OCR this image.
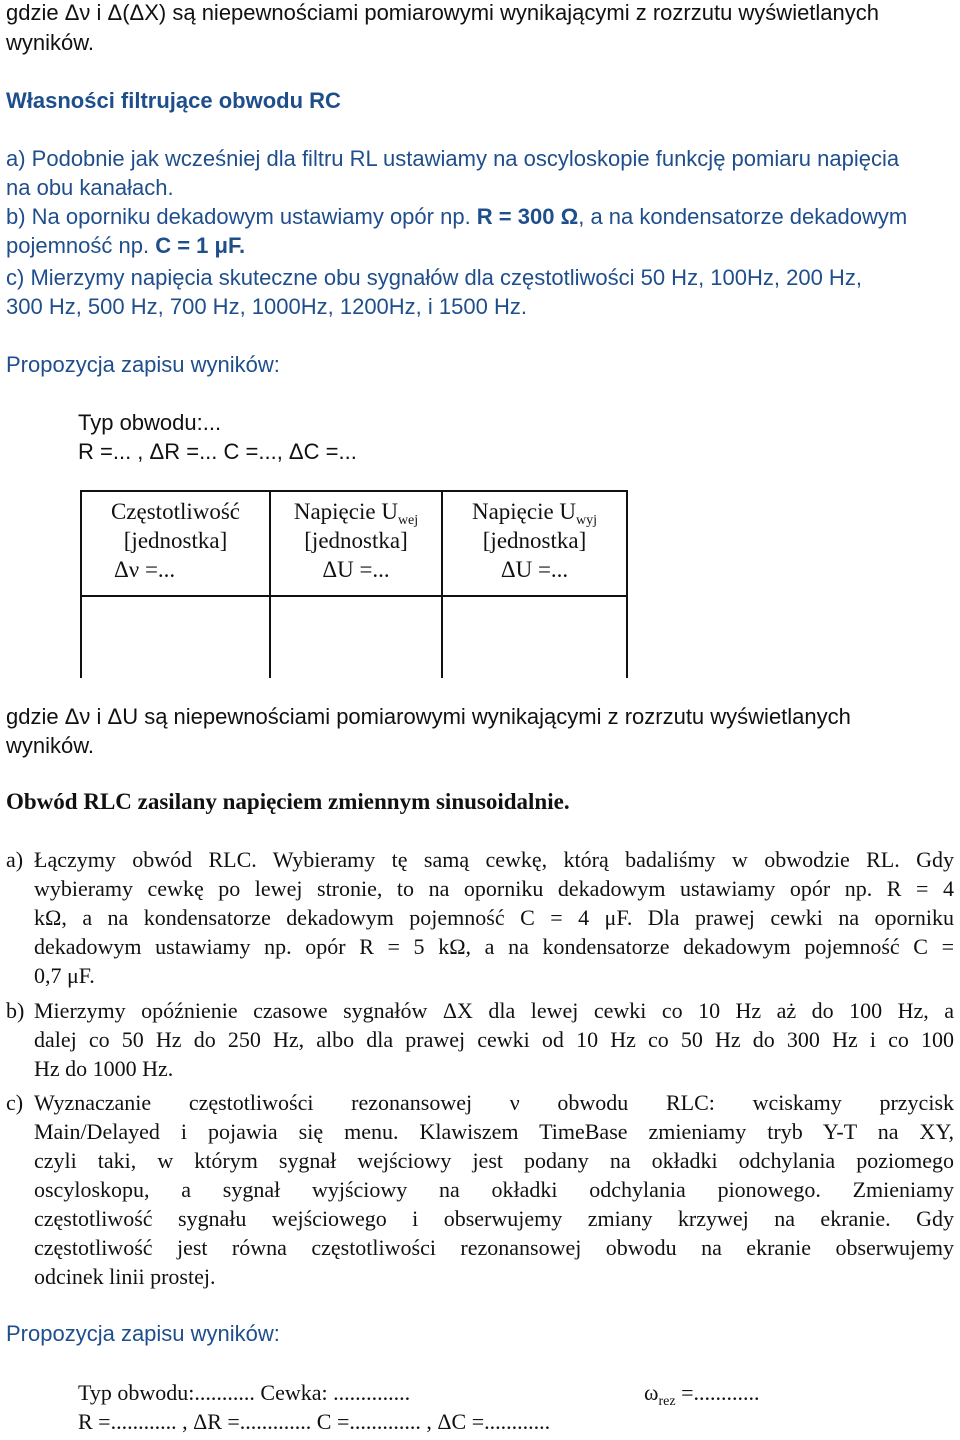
gdzie Δν i Δ(ΔX) są niepewnościami pomiarowymi wynikającymi z rozrzutu wyświetlanych
wyników.
Własności filtrujące obwodu RC
a) Podobnie jak wcześniej dla filtru RL ustawiamy na oscyloskopie funkcję pomiaru napięcia
na obu kanałach.
b) Na oporniku dekadowym ustawiamy opór np. R = 300 Ω, a na kondensatorze dekadowym
pojemność np. C = 1 μF.
c) Mierzymy napięcia skuteczne obu sygnałów dla częstotliwości 50 Hz, 100Hz, 200 Hz,
300 Hz, 500 Hz, 700 Hz, 1000Hz, 1200Hz, i 1500 Hz.
Propozycja zapisu wyników:
Typ obwodu:...
R =... , ΔR =... C =..., ΔC =...
Częstotliwość
[jednostka]
Δν =...
Napięcie $U_{wej}$
[jednostka]
ΔU =...
Napięcie $U_{wyj}$
[jednostka]
ΔU =...
gdzie Δν i ΔU są niepewnościami pomiarowymi wynikającymi z rozrzutu wyświetlanych
wyników.
Obwód RLC zasilany napięciem zmiennym sinusoidalnie.
a) Łączymy obwód RLC. Wybieramy tę samą cewkę, którą badaliśmy w obwodzie RL. Gdy
wybieramy cewkę po lewej stronie, to na oporniku dekadowym ustawiamy opór np. R = 4
kΩ, a na kondensatorze dekadowym pojemność C = 4 μF. Dla prawej cewki na oporniku
dekadowym ustawiamy np. opór R = 5 kΩ, a na kondensatorze dekadowym pojemność C =
0,7 μF.
b) Mierzymy opóźnienie czasowe sygnałów ΔX dla lewej cewki co 10 Hz aż do 100 Hz, a
dalej co 50 Hz do 250 Hz, albo dla prawej cewki od 10 Hz co 50 Hz do 300 Hz i co 100
Hz do 1000 Hz.
c) Wyznaczanie częstotliwości rezonansowej ν obwodu RLC: wciskamy przycisk
Main/Delayed i pojawia się menu. Klawiszem TimeBase zmieniamy tryb Y-T na XY,
czyli taki, w którym sygnał wejściowy jest podany na okładki odchylania poziomego
oscyloskopu, a sygnał wyjściowy na okładki odchylania pionowego. Zmieniamy
częstotliwość sygnału wejściowego i obserwujemy zmiany krzywej na ekranie. Gdy
częstotliwość jest równa częstotliwości rezonansowej obwodu na ekranie obserwujemy
odcinek linii prostej.
Propozycja zapisu wyników:
Typ obwodu:........... Cewka: ..............	$\omega_{rez}$ =............
R =............ , ΔR =............. C =............. , ΔC =............
